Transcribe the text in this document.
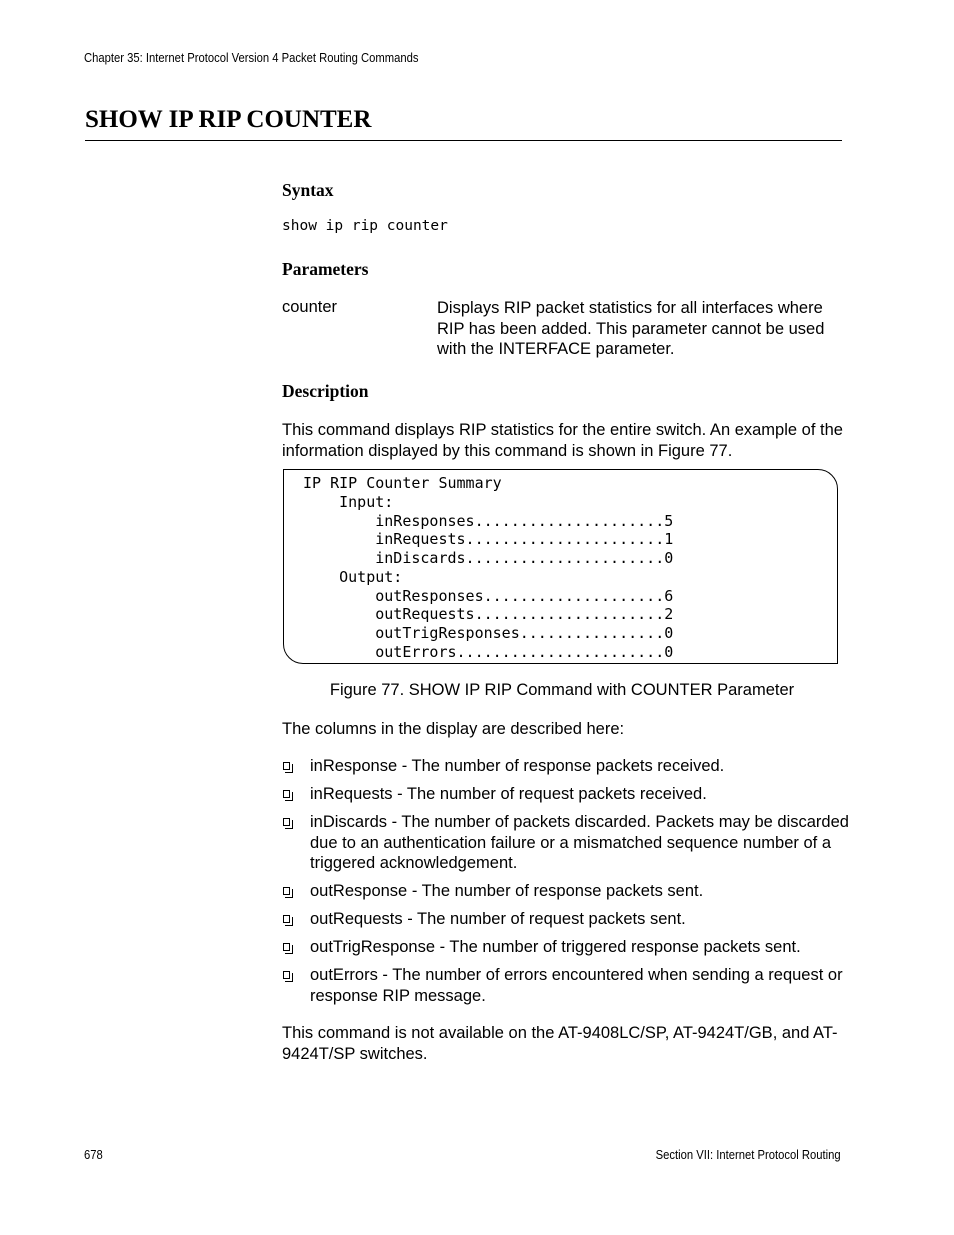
Chapter 35: Internet Protocol Version 4 Packet Routing Commands
SHOW IP RIP COUNTER
Syntax
show ip rip counter
Parameters
counter	Displays RIP packet statistics for all interfaces where RIP has been added. This parameter cannot be used with the INTERFACE parameter.
Description
This command displays RIP statistics for the entire switch. An example of the information displayed by this command is shown in Figure 77.
IP RIP Counter Summary
Input:
inResponses.....................5
inRequests......................1
inDiscards......................0
Output:
outResponses....................6
outRequests.....................2
outTrigResponses................0
outErrors.......................0
Figure 77. SHOW IP RIP Command with COUNTER Parameter
The columns in the display are described here:
inResponse - The number of response packets received.
inRequests - The number of request packets received.
inDiscards - The number of packets discarded. Packets may be discarded due to an authentication failure or a mismatched sequence number of a triggered acknowledgement.
outResponse - The number of response packets sent.
outRequests - The number of request packets sent.
outTrigResponse - The number of triggered response packets sent.
outErrors - The number of errors encountered when sending a request or response RIP message.
This command is not available on the AT-9408LC/SP, AT-9424T/GB, and AT-9424T/SP switches.
678	Section VII: Internet Protocol Routing
